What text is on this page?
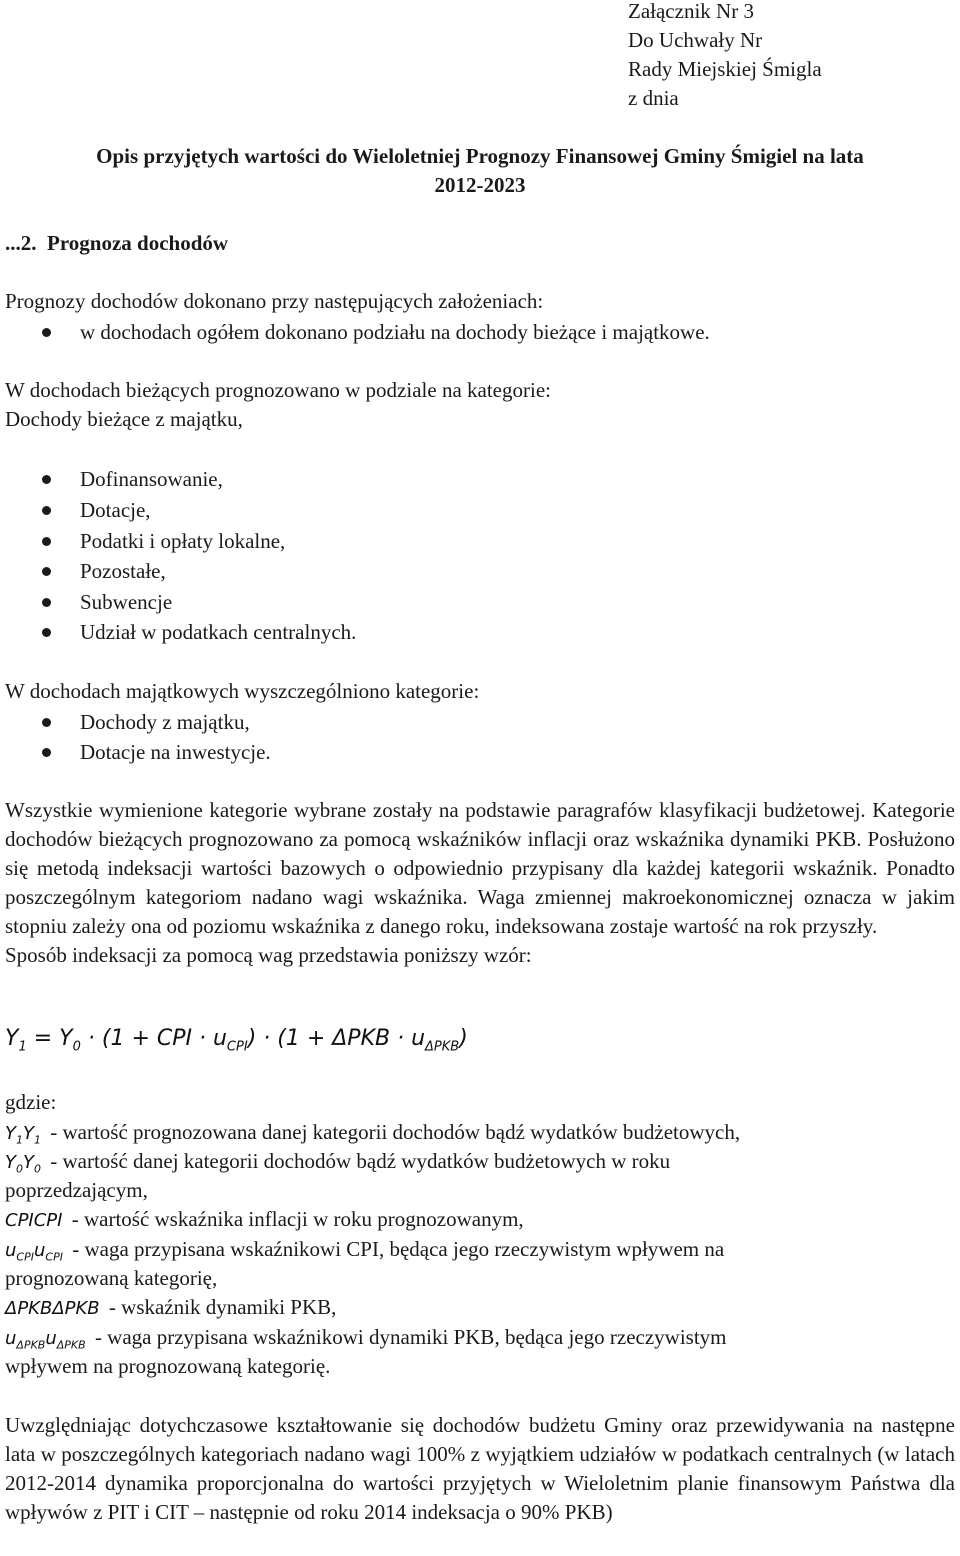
Załącznik Nr 3
Do Uchwały Nr
Rady Miejskiej Śmigla
z dnia
Opis przyjętych wartości do Wieloletniej Prognozy Finansowej Gminy Śmigiel na lata
2012-2023
...2.  Prognoza dochodów
Prognozy dochodów dokonano przy następujących założeniach:
w dochodach ogółem dokonano podziału na dochody bieżące i majątkowe.
W dochodach bieżących prognozowano w podziale na kategorie:
Dochody bieżące z majątku,
Dofinansowanie,
Dotacje,
Podatki i opłaty lokalne,
Pozostałe,
Subwencje
Udział w podatkach centralnych.
W dochodach majątkowych wyszczególniono kategorie:
Dochody z majątku,
Dotacje na inwestycje.

Wszystkie wymienione kategorie wybrane zostały na podstawie paragrafów klasyfikacji budżetowej. Kategorie dochodów bieżących prognozowano za pomocą wskaźników inflacji oraz wskaźnika dynamiki PKB. Posłużono się metodą indeksacji wartości bazowych o odpowiednio przypisany dla każdej kategorii wskaźnik. Ponadto poszczególnym kategoriom nadano wagi wskaźnika. Waga zmiennej makroekonomicznej oznacza w jakim stopniu zależy ona od poziomu wskaźnika z danego roku, indeksowana zostaje wartość na rok przyszły.

Sposób indeksacji za pomocą wag przedstawia poniższy wzór:

$Y_1 = Y_0 \cdot (1$ + CPI · $u_{CPI}) \cdot (1 + \Delta PKB \cdot u_{\Delta PKB})$
gdzie:
$Y_1Y_1$ - wartość prognozowana danej kategorii dochodów bądź wydatków budżetowych,
$Y_0Y_0$ - wartość danej kategorii dochodów bądź wydatków budżetowych w roku
poprzedzającym,
CPICPI - wartość wskaźnika inflacji w roku prognozowanym,
$u_{CPI}u_{CPI}$ - waga przypisana wskaźnikowi CPI, będąca jego rzeczywistym wpływem na
prognozowaną kategorię,
ΔPKBΔPKB - wskaźnik dynamiki PKB,
$u_{\Delta PKB}u_{\Delta PKB}$ - waga przypisana wskaźnikowi dynamiki PKB, będąca jego rzeczywistym
wpływem na prognozowaną kategorię.

Uwzględniając dotychczasowe kształtowanie się dochodów budżetu Gminy oraz przewidywania na następne lata w poszczególnych kategoriach nadano wagi 100% z wyjątkiem udziałów w podatkach centralnych (w latach 2012-2014 dynamika proporcjonalna do wartości przyjętych w Wieloletnim planie finansowym Państwa dla wpływów z PIT i CIT – następnie od roku 2014 indeksacja o 90% PKB)
